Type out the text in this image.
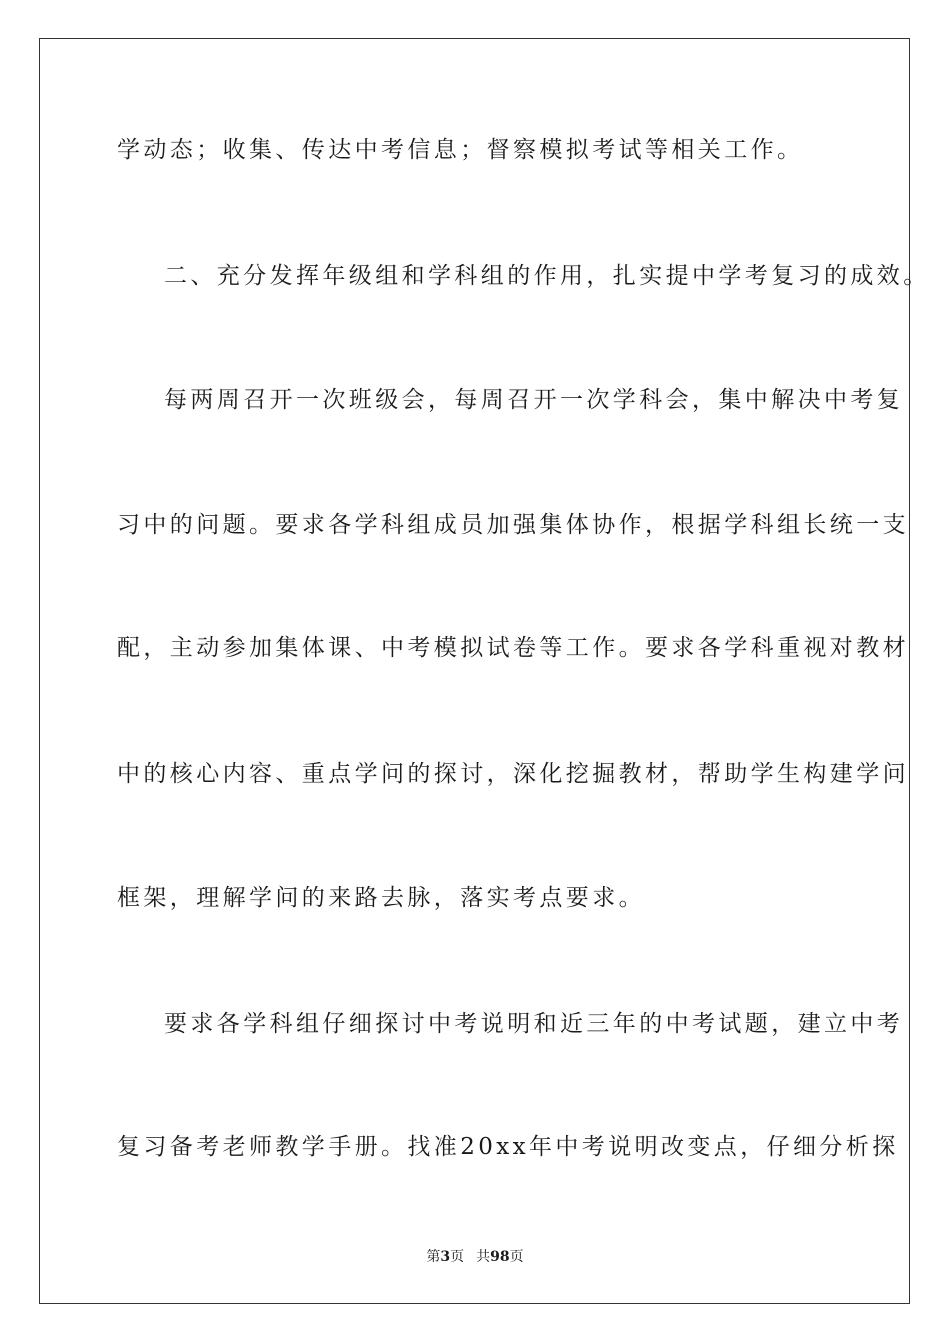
学动态；收集、传达中考信息；督察模拟考试等相关工作。
二、充分发挥年级组和学科组的作用，扎实提中学考复习的成效。
每两周召开一次班级会，每周召开一次学科会，集中解决中考复
习中的问题。要求各学科组成员加强集体协作，根据学科组长统一支
配，主动参加集体课、中考模拟试卷等工作。要求各学科重视对教材
中的核心内容、重点学问的探讨，深化挖掘教材，帮助学生构建学问
框架，理解学问的来路去脉，落实考点要求。
要求各学科组仔细探讨中考说明和近三年的中考试题，建立中考
复习备考老师教学手册。找准20xx年中考说明改变点，仔细分析探
第3页 共98页
